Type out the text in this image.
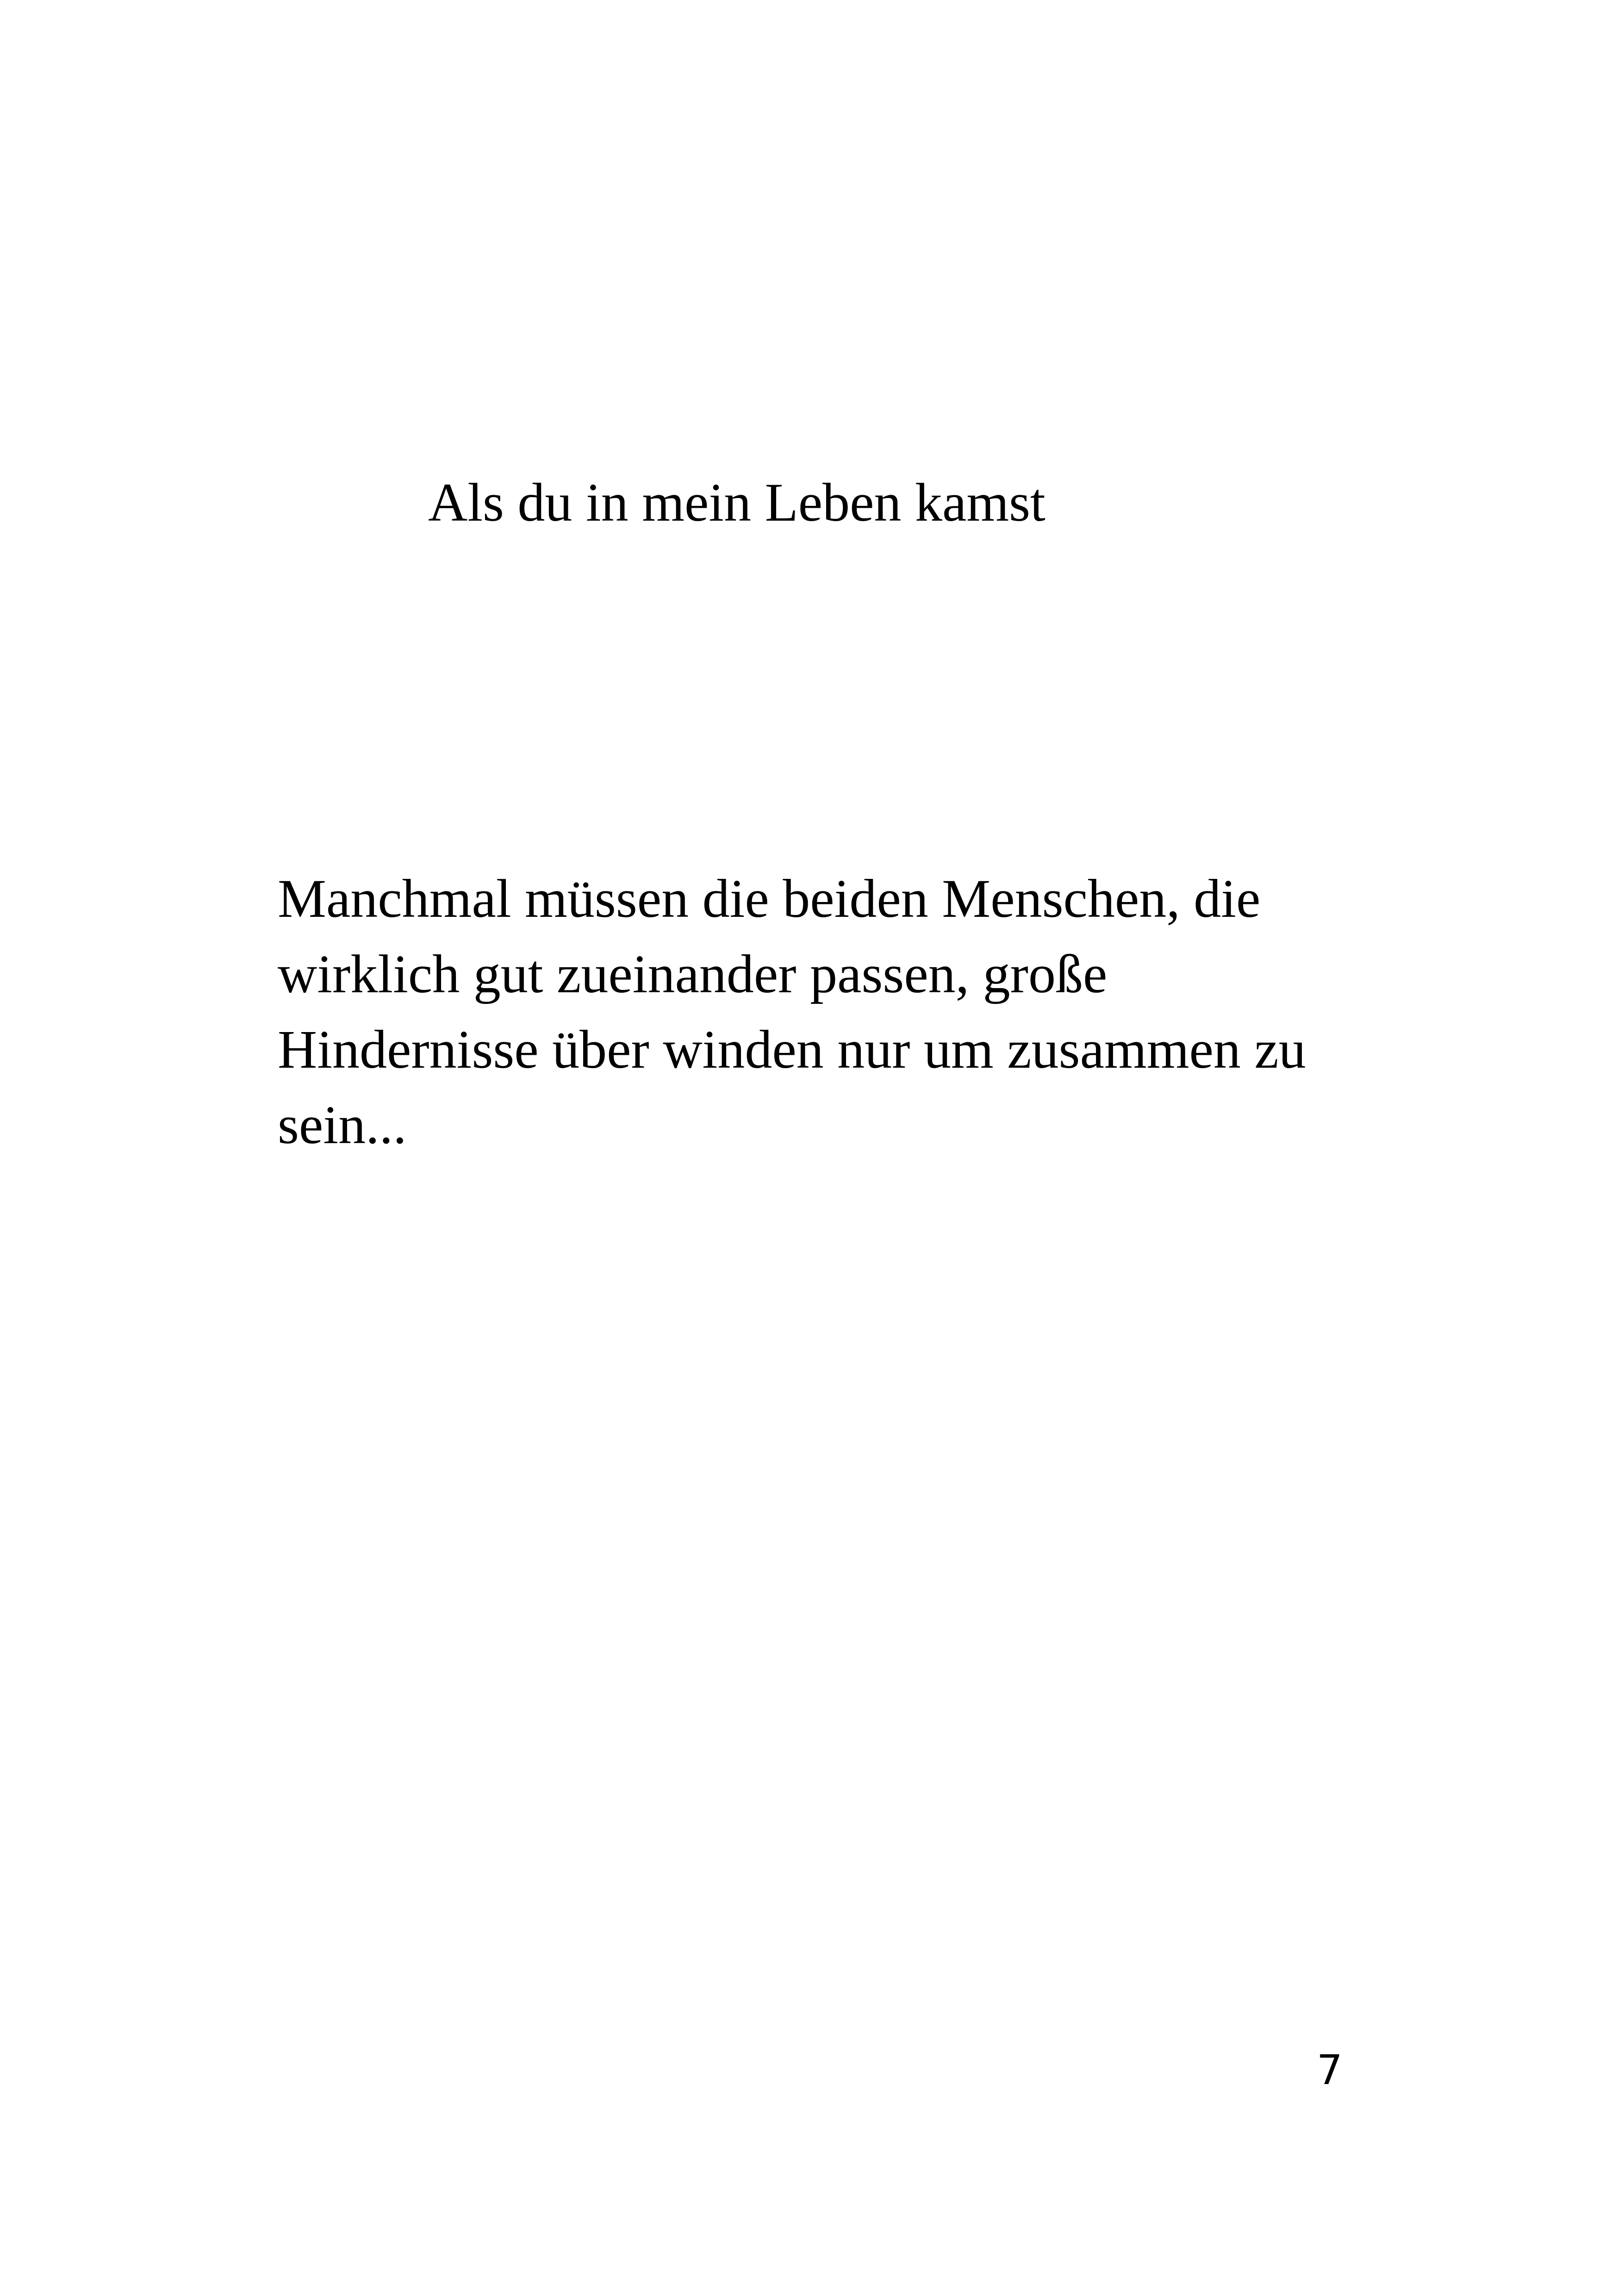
Als du in mein Leben kamst

Manchmal müssen die beiden Menschen, die
wirklich gut zueinander passen, große
Hindernisse über winden nur um zusammen zu
sein...

7
